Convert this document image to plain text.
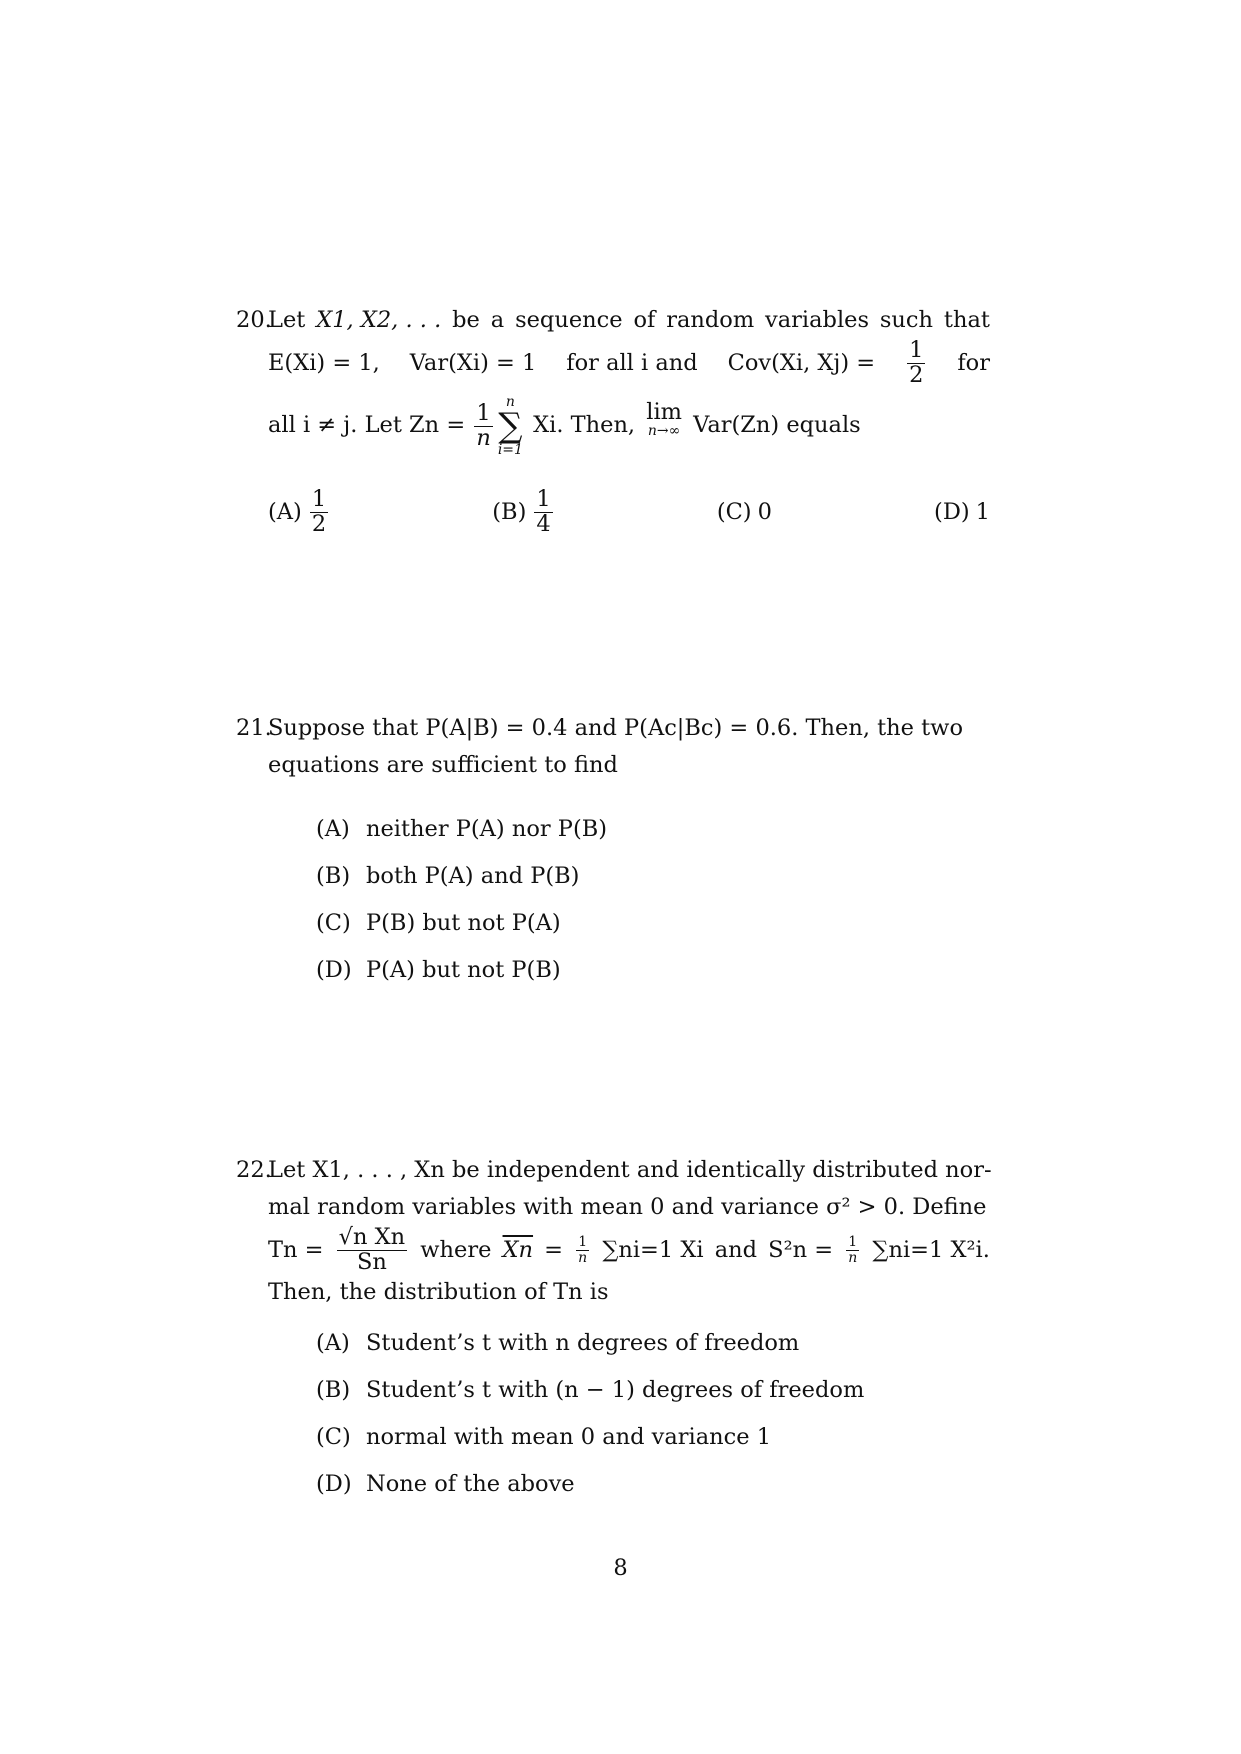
20.
Let X1, X2, . . . be a sequence of random variables such that
E(Xi) = 1, Var(Xi) = 1 for all i and Cov(Xi, $Xj) = \frac{1}{2}$ for
all i ≠ j. Let $Zn = \frac{1}{n}$ n
∑
i=1
Xi. Then, lim
n→∞ Var(Zn) equals
(A)
1
2	(B)
1
4	(C) 0	(D) 1
21.
Suppose that P(A|B) = 0.4 and P(Ac|Bc) = 0.6. Then, the two
equations are sufficient to find
(A) neither P(A) nor P(B)
(B) both P(A) and P(B)
(C) P(B) but not P(A)
(D) P(A) but not P(B)
22.
Let X1, . . . , Xn be independent and identically distributed nor-
mal random variables with mean 0 and variance σ² > 0. Define
$Tn = \frac{\text{√n Xn}}{Sn}$ where $\overline{Xn} = \frac{1}{n} \sum ni=1$ Xi and $S^2n = \frac{1}{n} \sum ni=1$ X²i.
Then, the distribution of Tn is
(A) Student’s t with n degrees of freedom
(B) Student’s t with (n − 1) degrees of freedom
(C) normal with mean 0 and variance 1
(D) None of the above
8
